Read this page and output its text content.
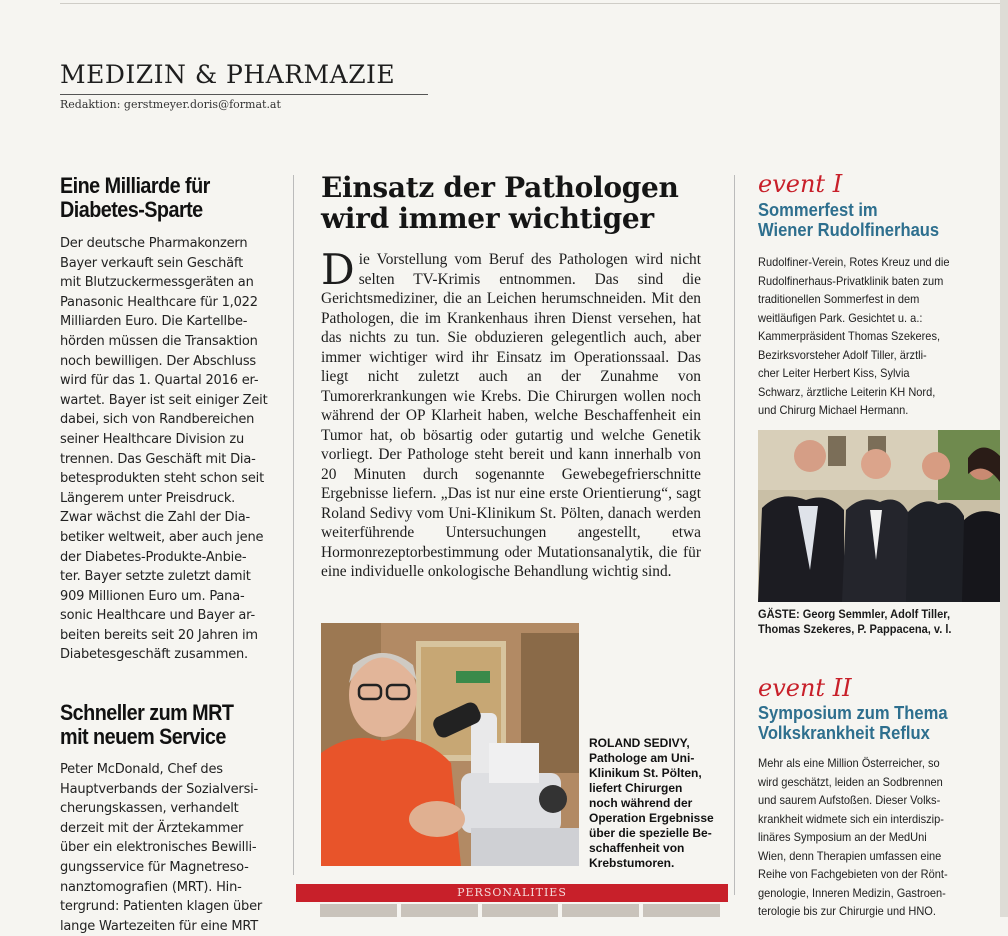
MEDIZIN & PHARMAZIE
Redaktion: gerstmeyer.doris@format.at
Eine Milliarde für
Diabetes-Sparte
Der deutsche Pharmakonzern
Bayer verkauft sein Geschäft
mit Blutzuckermessgeräten an
Panasonic Healthcare für 1,022
Milliarden Euro. Die Kartellbe-
hörden müssen die Transaktion
noch bewilligen. Der Abschluss
wird für das 1. Quartal 2016 er-
wartet. Bayer ist seit einiger Zeit
dabei, sich von Randbereichen
seiner Healthcare Division zu
trennen. Das Geschäft mit Dia-
betesprodukten steht schon seit
Längerem unter Preisdruck.
Zwar wächst die Zahl der Dia-
betiker weltweit, aber auch jene
der Diabetes-Produkte-Anbie-
ter. Bayer setzte zuletzt damit
909 Millionen Euro um. Pana-
sonic Healthcare und Bayer ar-
beiten bereits seit 20 Jahren im
Diabetesgeschäft zusammen.
Schneller zum MRT
mit neuem Service
Peter McDonald, Chef des
Hauptverbands der Sozialversi-
cherungskassen, verhandelt
derzeit mit der Ärztekammer
über ein elektronisches Bewilli-
gungsservice für Magnetreso-
nanztomografien (MRT). Hin-
tergrund: Patienten klagen über
lange Wartezeiten für eine MRT
Einsatz der Pathologen
wird immer wichtiger
Die Vorstellung vom Beruf des Pathologen wird nicht selten TV-Krimis entnommen. Das sind die Gerichtsmediziner, die an Leichen herumschneiden. Mit den Pathologen, die im Krankenhaus ihren Dienst versehen, hat das nichts zu tun. Sie obduzieren gelegentlich auch, aber immer wichtiger wird ihr Einsatz im Operationssaal. Das liegt nicht zuletzt auch an der Zunahme von Tumorerkrankungen wie Krebs. Die Chirurgen wollen noch während der OP Klarheit haben, welche Beschaffenheit ein Tumor hat, ob bösartig oder gutartig und welche Genetik vorliegt. Der Pathologe steht bereit und kann innerhalb von 20 Minuten durch sogenannte Gewebegefrierschnitte Ergebnisse liefern. „Das ist nur eine erste Orientierung“, sagt Roland Sedivy vom Uni-Klinikum St. Pölten, danach werden weiterführende Untersuchungen angestellt, etwa Hormonrezeptorbestimmung oder Mutationsanalytik, die für eine individuelle onkologische Behandlung wichtig sind.
ROLAND SEDIVY,
Pathologe am Uni-
Klinikum St. Pölten,
liefert Chirurgen
noch während der
Operation Ergebnisse
über die spezielle Be-
schaffenheit von
Krebstumoren.
PERSONALITIES
event I
Sommerfest im
Wiener Rudolfinerhaus
Rudolfiner-Verein, Rotes Kreuz und die
Rudolfinerhaus-Privatklinik baten zum
traditionellen Sommerfest in dem
weitläufigen Park. Gesichtet u. a.:
Kammerpräsident Thomas Szekeres,
Bezirksvorsteher Adolf Tiller, ärztli-
cher Leiter Herbert Kiss, Sylvia
Schwarz, ärztliche Leiterin KH Nord,
und Chirurg Michael Hermann.
GÄSTE: Georg Semmler, Adolf Tiller,
Thomas Szekeres, P. Pappacena, v. l.
event II
Symposium zum Thema
Volkskrankheit Reflux
Mehr als eine Million Österreicher, so
wird geschätzt, leiden an Sodbrennen
und saurem Aufstoßen. Dieser Volks-
krankheit widmete sich ein interdiszip-
linäres Symposium an der MedUni
Wien, denn Therapien umfassen eine
Reihe von Fachgebieten von der Rönt-
genologie, Inneren Medizin, Gastroen-
terologie bis zur Chirurgie und HNO.
